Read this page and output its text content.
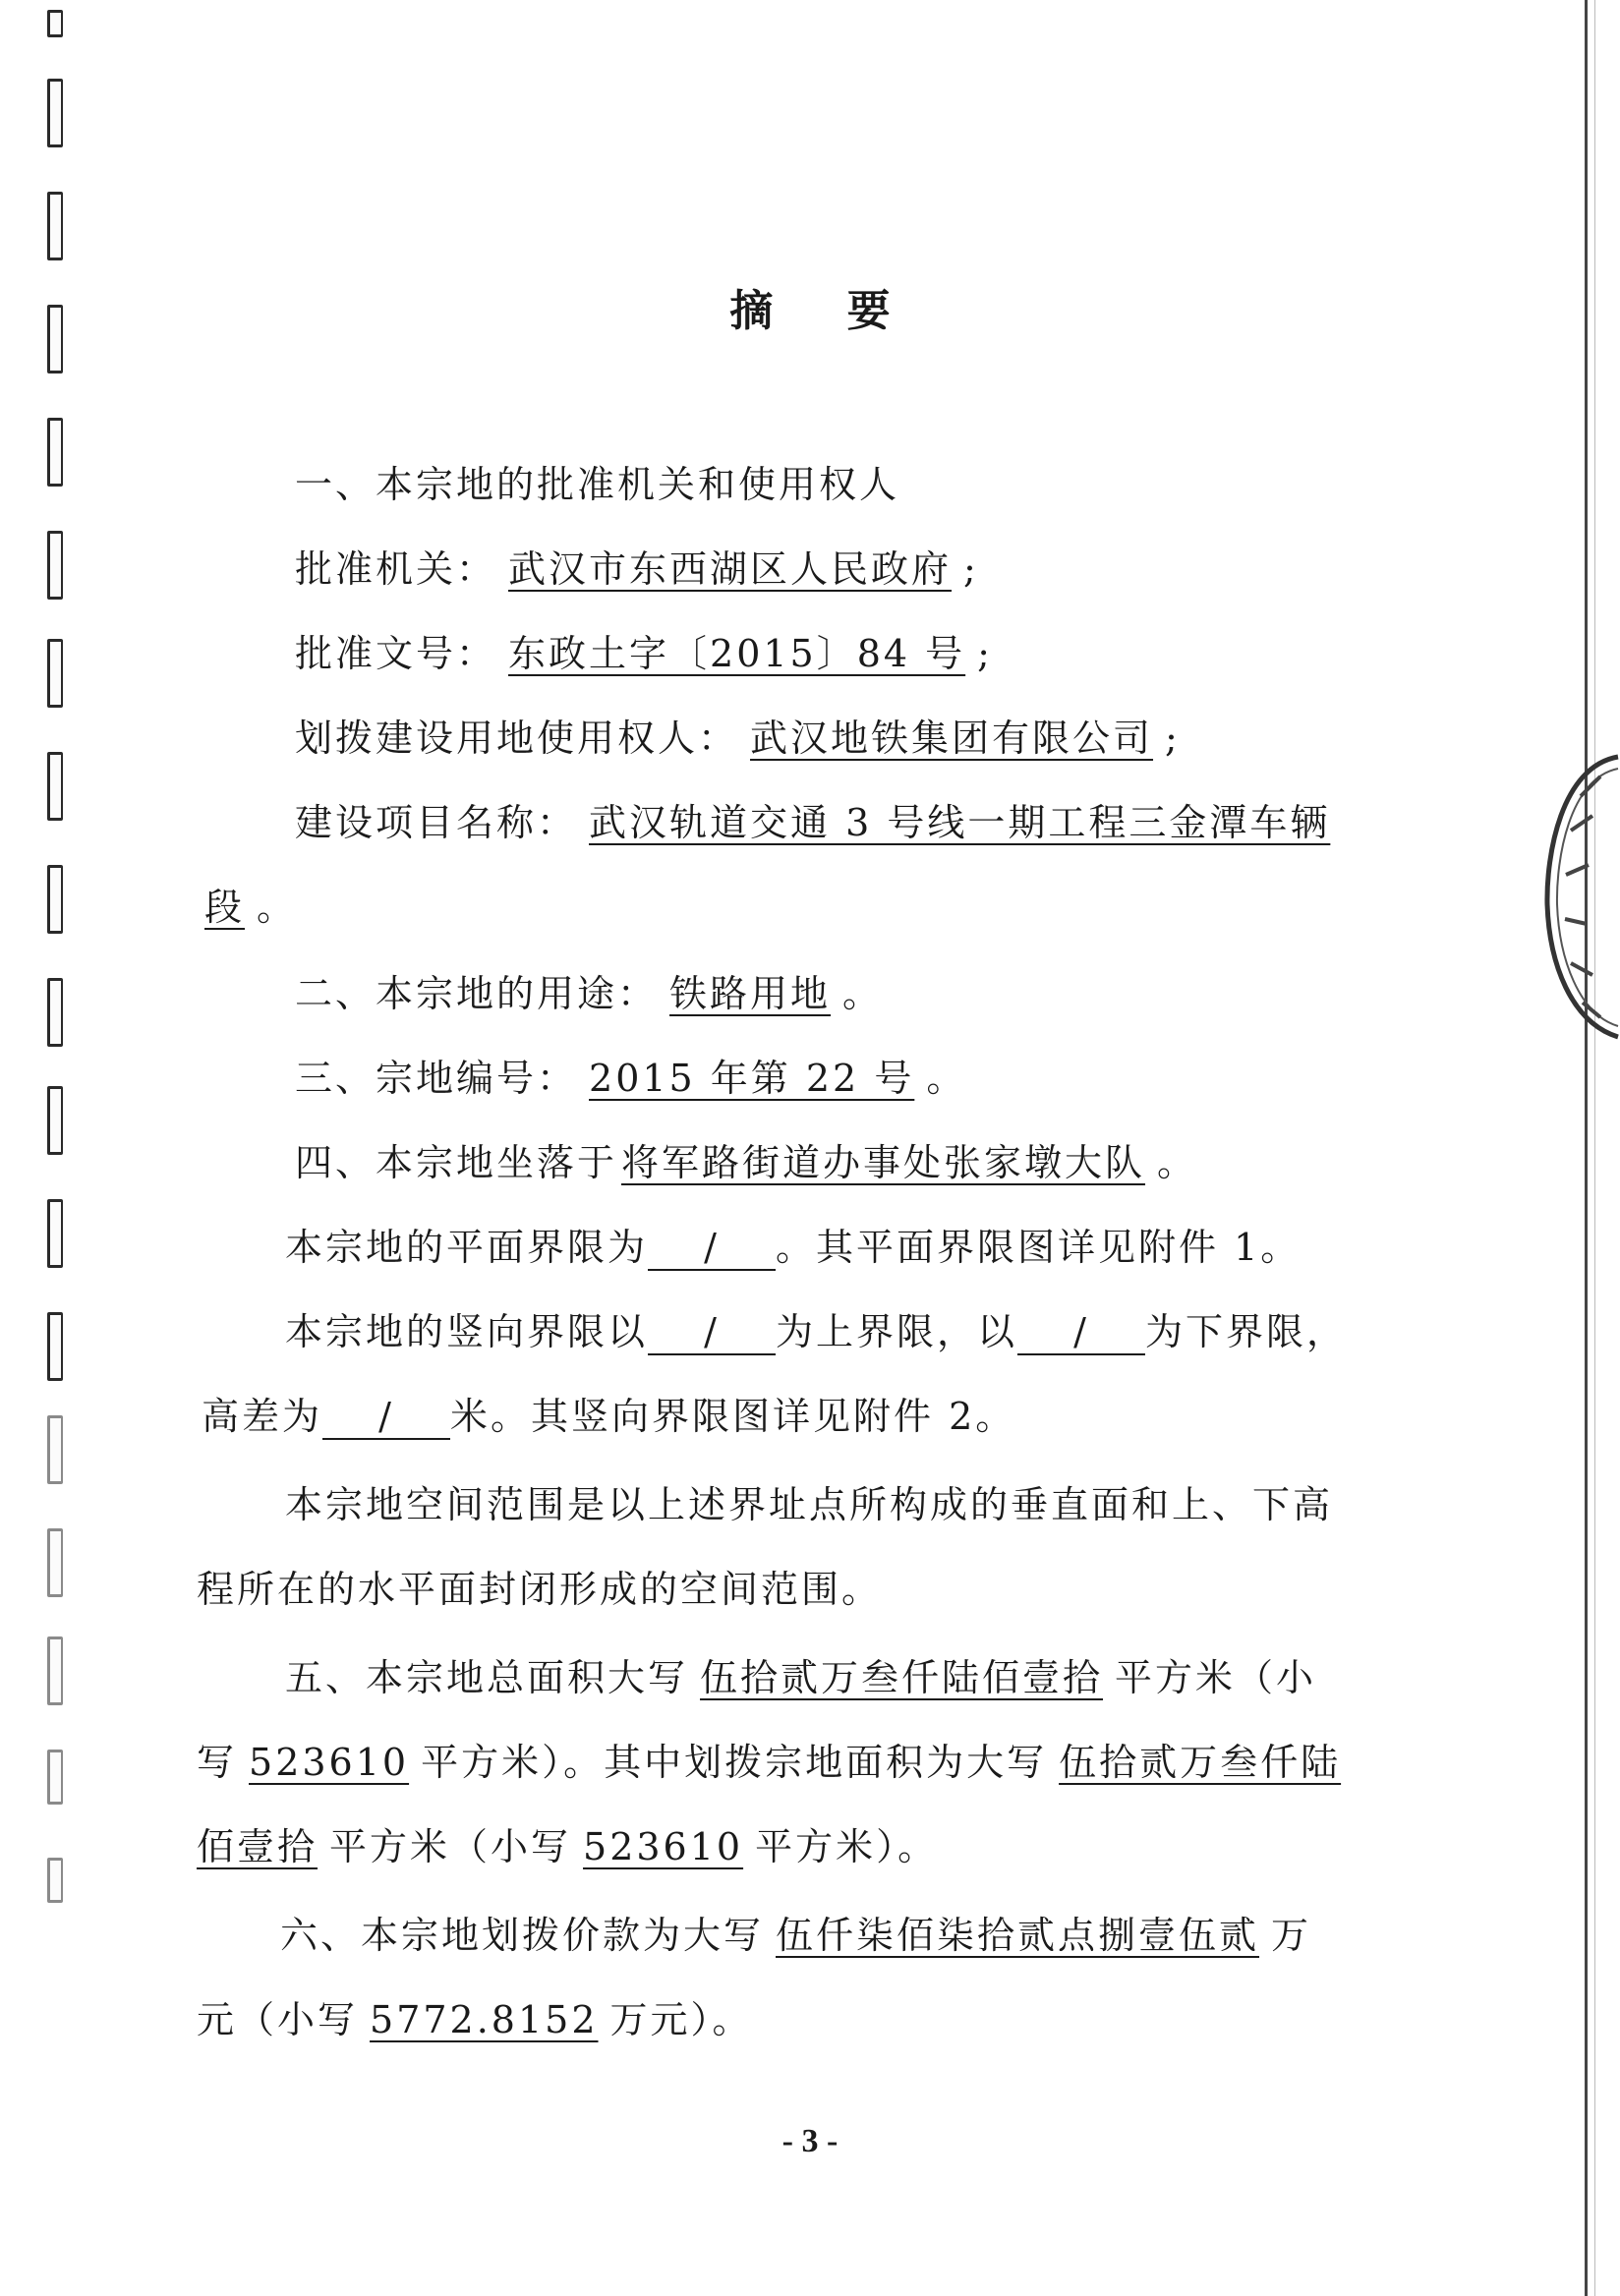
摘 要
一、本宗地的批准机关和使用权人
批准机关： 武汉市东西湖区人民政府 ;
批准文号： 东政土字〔2015〕84 号 ;
划拨建设用地使用权人： 武汉地铁集团有限公司 ;
建设项目名称： 武汉轨道交通 3 号线一期工程三金潭车辆
段 。
二、本宗地的用途： 铁路用地 。
三、宗地编号： 2015 年第 22 号 。
四、本宗地坐落于 将军路街道办事处张家墩大队 。
本宗地的平面界限为 / 。其平面界限图详见附件 1。
本宗地的竖向界限以 / 为上界限，以 / 为下界限，
高差为 / 米。其竖向界限图详见附件 2。
本宗地空间范围是以上述界址点所构成的垂直面和上、下高
程所在的水平面封闭形成的空间范围。
五、本宗地总面积大写 伍拾贰万叁仟陆佰壹拾 平方米（小
写 523610 平方米）。其中划拨宗地面积为大写 伍拾贰万叁仟陆
佰壹拾 平方米（小写 523610 平方米）。
六、本宗地划拨价款为大写 伍仟柒佰柒拾贰点捌壹伍贰 万
元（小写 5772.8152 万元）。
- 3 -
